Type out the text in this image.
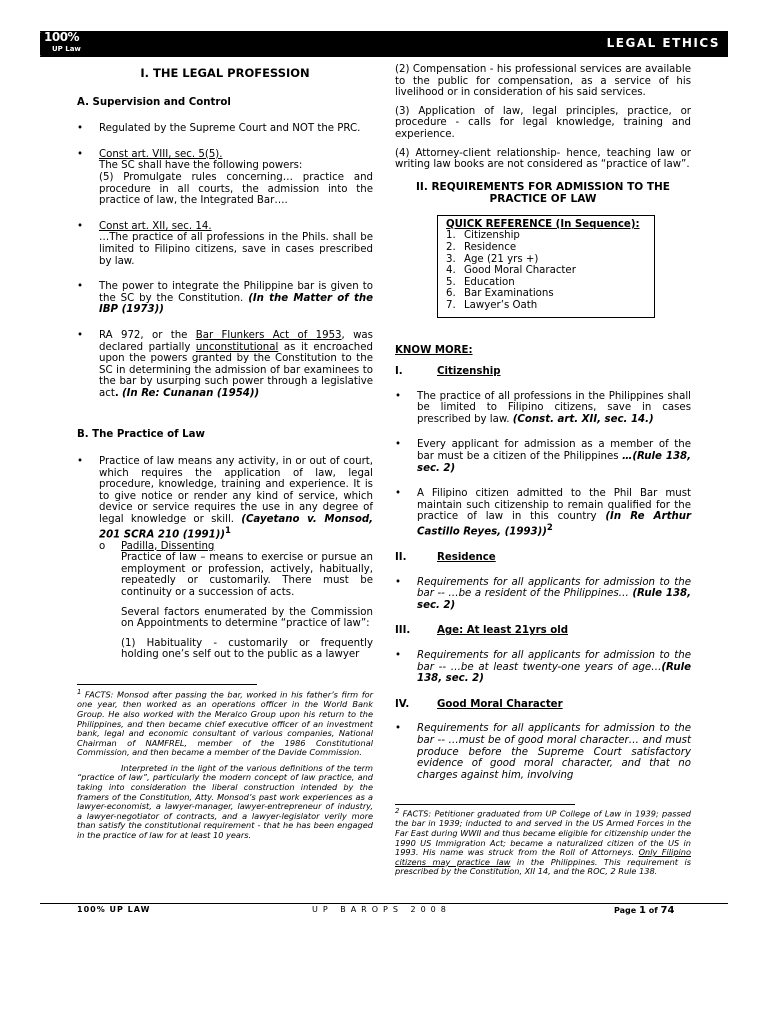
LEGAL ETHICS
100%
UP Law
I. THE LEGAL PROFESSION
A. Supervision and Control

• Regulated by the Supreme Court and NOT the PRC.

• Const art. VIII, sec. 5(5).

The SC shall have the following powers:

(5) Promulgate rules concerning… practice and procedure in all courts, the admission into the practice of law, the Integrated Bar….

• Const art. XII, sec. 14.

…The practice of all professions in the Phils. shall be limited to Filipino citizens, save in cases prescribed by law.

• The power to integrate the Philippine bar is given to the SC by the Constitution. (In the Matter of the IBP (1973))

• RA 972, or the Bar Flunkers Act of 1953, was declared partially unconstitutional as it encroached upon the powers granted by the Constitution to the SC in determining the admission of bar examinees to the bar by usurping such power through a legislative act. (In Re: Cunanan (1954))

B. The Practice of Law

• Practice of law means any activity, in or out of court, which requires the application of law, legal procedure, knowledge, training and experience. It is to give notice or render any kind of service, which device or service requires the use in any degree of legal knowledge or skill. (Cayetano v. Monsod, 201 SCRA 210 (1991))$^1$

o Padilla, Dissenting

Practice of law – means to exercise or pursue an employment or profession, actively, habitually, repeatedly or customarily. There must be continuity or a succession of acts.

Several factors enumerated by the Commission on Appointments to determine “practice of law”:

(1) Habituality - customarily or frequently holding one’s self out to the public as a lawyer

$^1$ FACTS: Monsod after passing the bar, worked in his father’s firm for one year, then worked as an operations officer in the World Bank Group. He also worked with the Meralco Group upon his return to the Philippines, and then became chief executive officer of an investment bank, legal and economic consultant of various companies, National Chairman of NAMFREL, member of the 1986 Constitutional Commission, and then became a member of the Davide Commission.

Interpreted in the light of the various definitions of the term “practice of law”, particularly the modern concept of law practice, and taking into consideration the liberal construction intended by the framers of the Constitution, Atty. Monsod’s past work experiences as a lawyer-economist, a lawyer-manager, lawyer-entrepreneur of industry, a lawyer-negotiator of contracts, and a lawyer-legislator verily more than satisfy the constitutional requirement - that he has been engaged in the practice of law for at least 10 years.

(2) Compensation - his professional services are available to the public for compensation, as a service of his livelihood or in consideration of his said services.

(3) Application of law, legal principles, practice, or procedure - calls for legal knowledge, training and experience.

(4) Attorney-client relationship- hence, teaching law or writing law books are not considered as “practice of law”.

II. REQUIREMENTS FOR ADMISSION TO THE PRACTICE OF LAW
QUICK REFERENCE (In Sequence):
1. Citizenship
2. Residence
3. Age (21 yrs +)
4. Good Moral Character
5. Education
6. Bar Examinations
7. Lawyer’s Oath
KNOW MORE:
I.	Citizenship

• The practice of all professions in the Philippines shall be limited to Filipino citizens, save in cases prescribed by law. (Const. art. XII, sec. 14.)

• Every applicant for admission as a member of the bar must be a citizen of the Philippines …(Rule 138, sec. 2)

• A Filipino citizen admitted to the Phil Bar must maintain such citizenship to remain qualified for the practice of law in this country (In Re Arthur Castillo Reyes, (1993))$^2$

II.	Residence

• Requirements for all applicants for admission to the bar -- …be a resident of the Philippines… (Rule 138, sec. 2)

III.	Age: At least 21yrs old

• Requirements for all applicants for admission to the bar -- …be at least twenty-one years of age…(Rule 138, sec. 2)

IV.	Good Moral Character

• Requirements for all applicants for admission to the bar -- …must be of good moral character… and must produce before the Supreme Court satisfactory evidence of good moral character, and that no charges against him, involving

$^2$ FACTS: Petitioner graduated from UP College of Law in 1939; passed the bar in 1939; inducted to and served in the US Armed Forces in the Far East during WWII and thus became eligible for citizenship under the 1990 US Immigration Act; became a naturalized citizen of the US in 1993. His name was struck from the Roll of Attorneys. Only Filipino citizens may practice law in the Philippines. This requirement is prescribed by the Constitution, XII 14, and the ROC, 2 Rule 138.

100% UP LAW	UP BAROPS 2008	Page 1 of 74
